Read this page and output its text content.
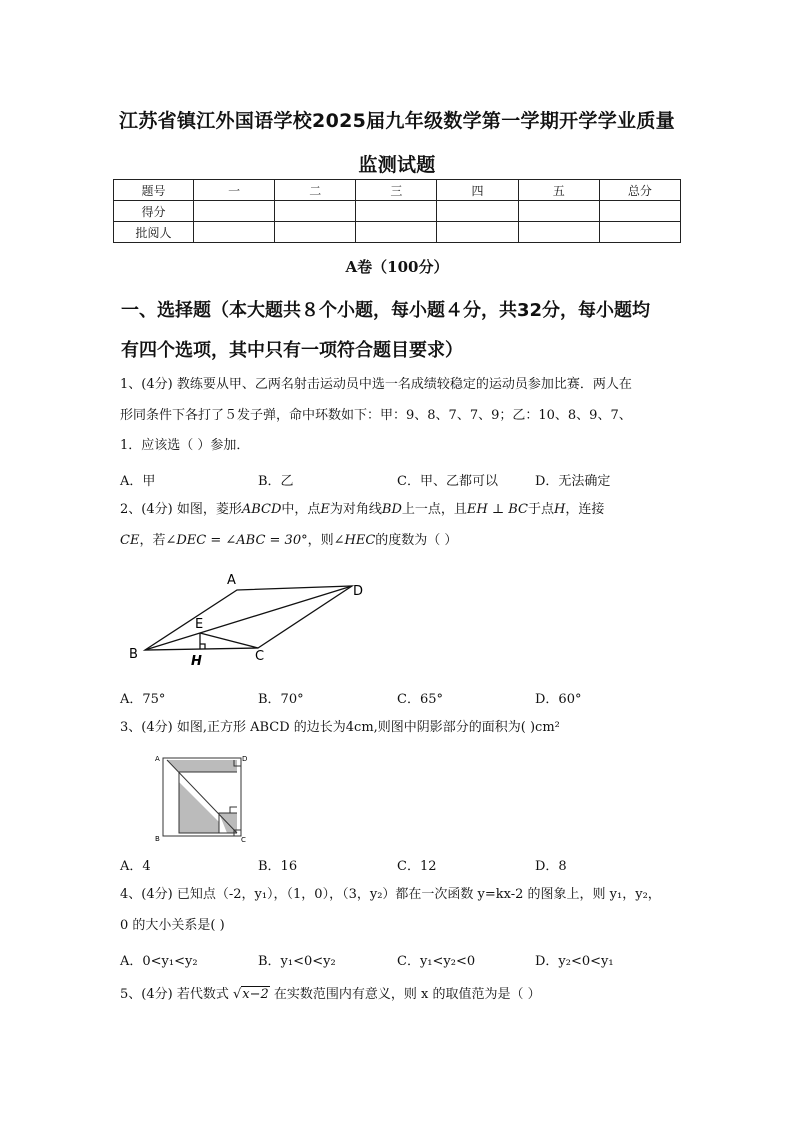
江苏省镇江外国语学校2025届九年级数学第一学期开学学业质量
监测试题
题号	一	二	三	四	五	总分
得分						
批阅人						
A卷（100分）
一、选择题（本大题共８个小题，每小题４分，共32分，每小题均
有四个选项，其中只有一项符合题目要求）
1、(4分) 教练要从甲、乙两名射击运动员中选一名成绩较稳定的运动员参加比赛．两人在
形同条件下各打了５发子弹，命中环数如下：甲：9、8、7、7、9；乙：10、8、9、7、
1．应该选（ ）参加．
A．甲	B．乙	C．甲、乙都可以	D．无法确定
2、(4分) 如图，菱形ABCD中，点E为对角线BD上一点，且EH ⊥ BC于点H，连接
CE，若∠DEC = ∠ABC = 30°，则∠HEC的度数为（ ）
A
D
E
B	C
H
A．75°	B．70°	C．65°	D．60°
3、(4分) 如图,正方形 ABCD 的边长为4cm,则图中阴影部分的面积为( )cm²
A	D
B	C
A．4	B．16	C．12	D．8
4、(4分) 已知点（-2，y₁），（1，0），（3，y₂）都在一次函数 y=kx-2 的图象上，则 y₁，y₂，
0 的大小关系是( )
A．0<y₁<y₂	B．y₁<0<y₂	C．y₁<y₂<0	D．y₂<0<y₁
5、(4分) 若代数式 √x−2 在实数范围内有意义，则 x 的取值范为是（ ）
